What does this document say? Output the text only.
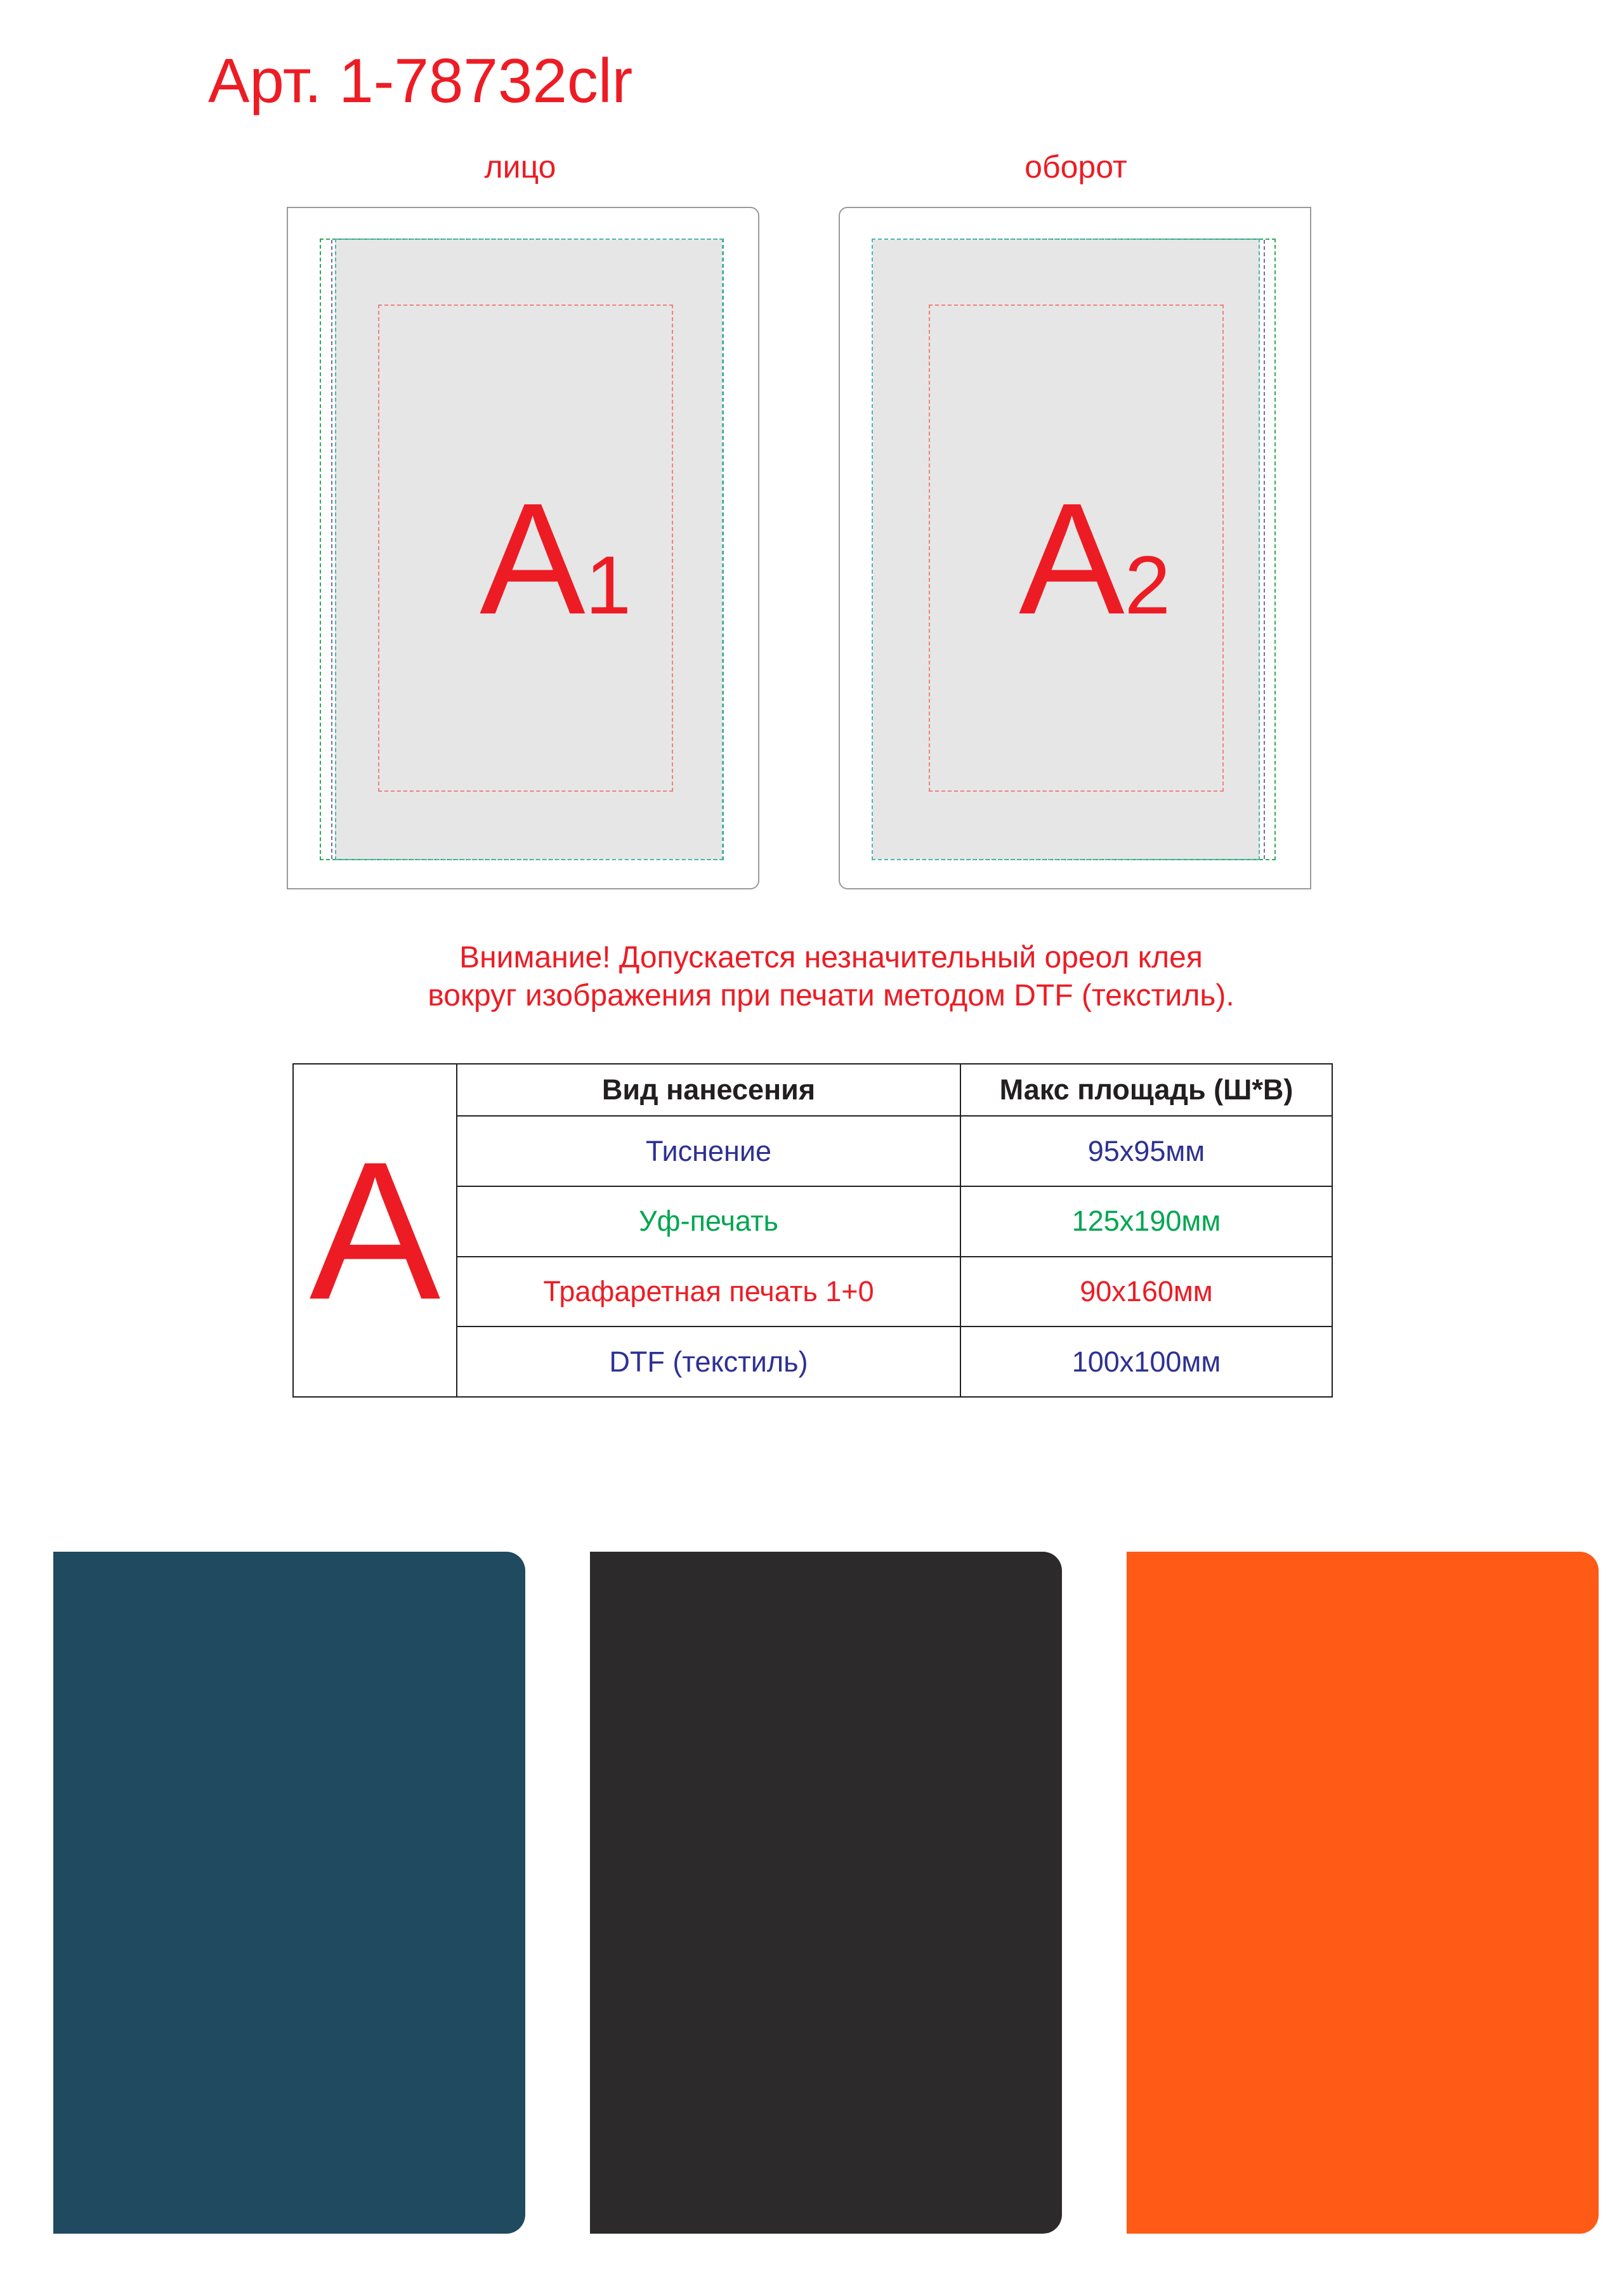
Арт. 1-78732clr
лицо	оборот
A1 A2
Внимание! Допускается незначительный ореол клея
вокруг изображения при печати методом DTF (текстиль).
A	Вид нанесения	Макс площадь (Ш*В)
	Тиснение	95х95мм
	Уф-печать	125х190мм
	Трафаретная печать 1+0	90х160мм
	DTF (текстиль)	100х100мм
